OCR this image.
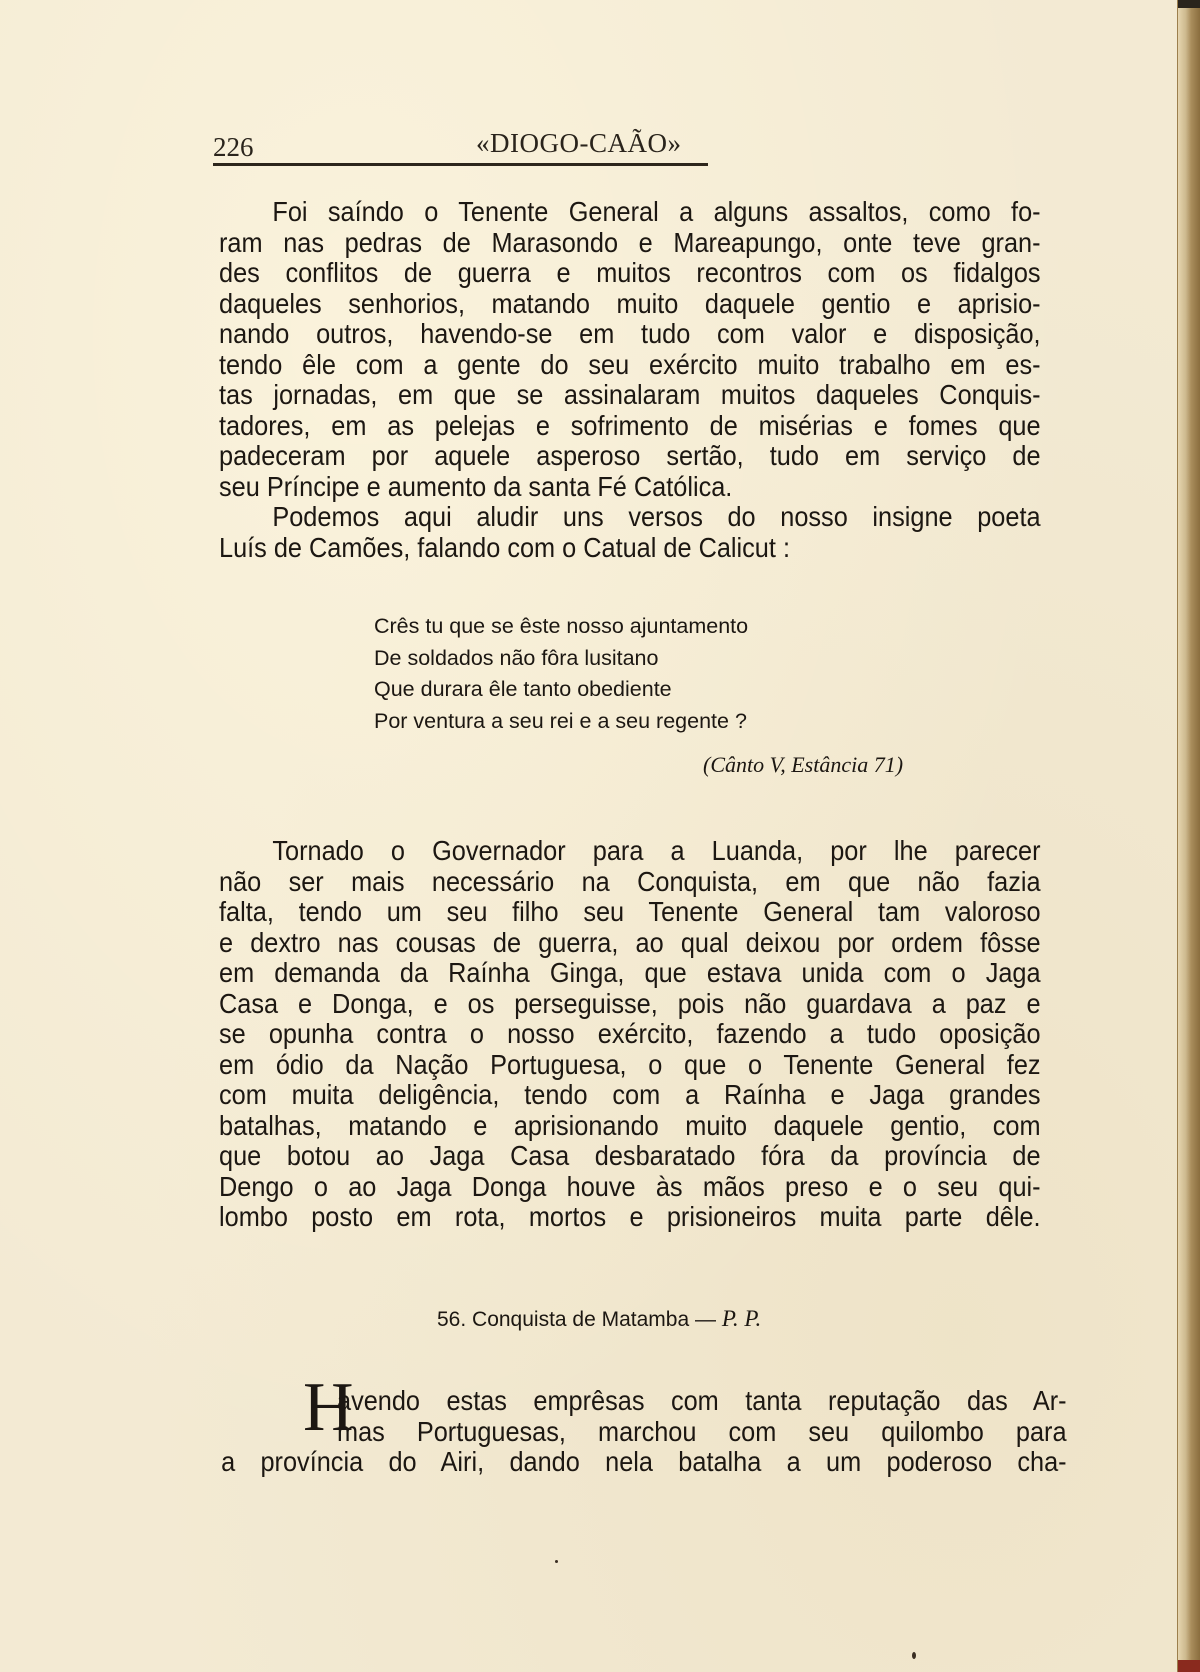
226	«DIOGO-CAÃO»
Foi saíndo o Tenente General a alguns assaltos, como fo-
ram nas pedras de Marasondo e Mareapungo, onte teve gran-
des conflitos de guerra e muitos recontros com os fidalgos
daqueles senhorios, matando muito daquele gentio e aprisio-
nando outros, havendo-se em tudo com valor e disposição,
tendo êle com a gente do seu exército muito trabalho em es-
tas jornadas, em que se assinalaram muitos daqueles Conquis-
tadores, em as pelejas e sofrimento de misérias e fomes que
padeceram por aquele asperoso sertão, tudo em serviço de
seu Príncipe e aumento da santa Fé Católica.
Podemos aqui aludir uns versos do nosso insigne poeta
Luís de Camões, falando com o Catual de Calicut :
Crês tu que se êste nosso ajuntamento
De soldados não fôra lusitano
Que durara êle tanto obediente
Por ventura a seu rei e a seu regente ?
(Cânto V, Estância 71)
Tornado o Governador para a Luanda, por lhe parecer
não ser mais necessário na Conquista, em que não fazia
falta, tendo um seu filho seu Tenente General tam valoroso
e dextro nas cousas de guerra, ao qual deixou por ordem fôsse
em demanda da Raínha Ginga, que estava unida com o Jaga
Casa e Donga, e os perseguisse, pois não guardava a paz e
se opunha contra o nosso exército, fazendo a tudo oposição
em ódio da Nação Portuguesa, o que o Tenente General fez
com muita deligência, tendo com a Raínha e Jaga grandes
batalhas, matando e aprisionando muito daquele gentio, com
que botou ao Jaga Casa desbaratado fóra da província de
Dengo o ao Jaga Donga houve às mãos preso e o seu qui-
lombo posto em rota, mortos e prisioneiros muita parte dêle.
56. Conquista de Matamba — P. P.
H
avendo estas emprêsas com tanta reputação das Ar-
mas Portuguesas, marchou com seu quilombo para
a província do Airi, dando nela batalha a um poderoso cha-
